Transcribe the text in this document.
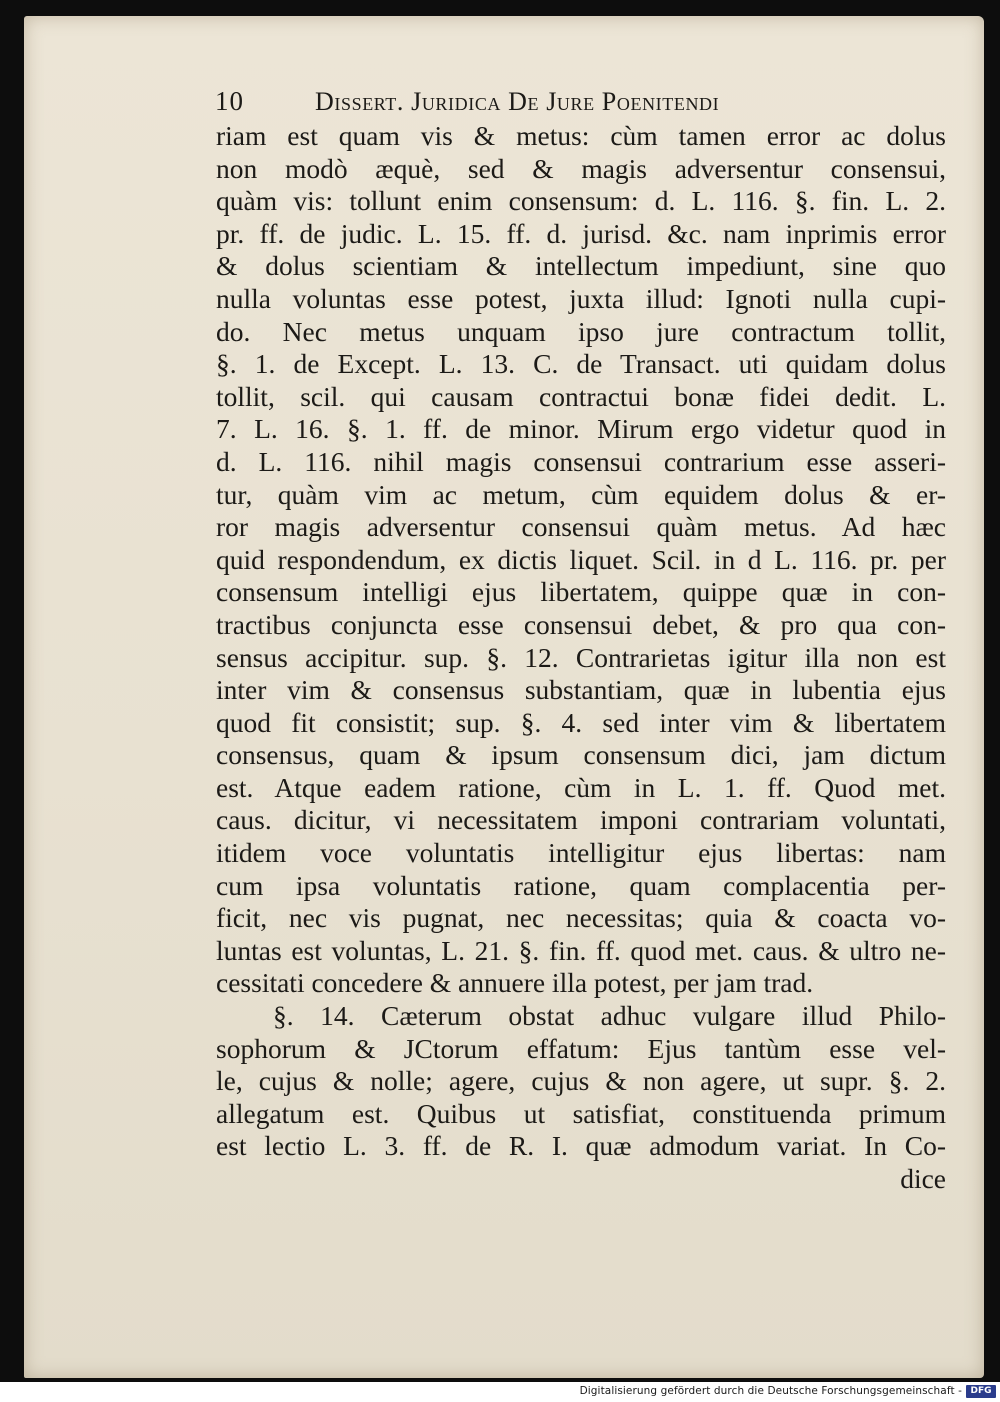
10	Dissert. Juridica De Jure Poenitendi
riam est quam vis & metus: cùm tamen error ac dolus
non modò æquè, sed & magis adversentur consensui,
quàm vis: tollunt enim consensum: d. L. 116. §. fin. L. 2.
pr. ff. de judic. L. 15. ff. d. jurisd. &c. nam inprimis error
& dolus scientiam & intellectum impediunt, sine quo
nulla voluntas esse potest, juxta illud: Ignoti nulla cupi-
do. Nec metus unquam ipso jure contractum tollit,
§. 1. de Except. L. 13. C. de Transact. uti quidam dolus
tollit, scil. qui causam contractui bonæ fidei dedit. L.
7. L. 16. §. 1. ff. de minor. Mirum ergo videtur quod in
d. L. 116. nihil magis consensui contrarium esse asseri-
tur, quàm vim ac metum, cùm equidem dolus & er-
ror magis adversentur consensui quàm metus. Ad hæc
quid respondendum, ex dictis liquet. Scil. in d L. 116. pr. per
consensum intelligi ejus libertatem, quippe quæ in con-
tractibus conjuncta esse consensui debet, & pro qua con-
sensus accipitur. sup. §. 12. Contrarietas igitur illa non est
inter vim & consensus substantiam, quæ in lubentia ejus
quod fit consistit; sup. §. 4. sed inter vim & libertatem
consensus, quam & ipsum consensum dici, jam dictum
est. Atque eadem ratione, cùm in L. 1. ff. Quod met.
caus. dicitur, vi necessitatem imponi contrariam voluntati,
itidem voce voluntatis intelligitur ejus libertas: nam
cum ipsa voluntatis ratione, quam complacentia per-
ficit, nec vis pugnat, nec necessitas; quia & coacta vo-
luntas est voluntas, L. 21. §. fin. ff. quod met. caus. & ultro ne-
cessitati concedere & annuere illa potest, per jam trad.
§. 14. Cæterum obstat adhuc vulgare illud Philo-
sophorum & JCtorum effatum: Ejus tantùm esse vel-
le, cujus & nolle; agere, cujus & non agere, ut supr. §. 2.
allegatum est. Quibus ut satisfiat, constituenda primum
est lectio L. 3. ff. de R. I. quæ admodum variat. In Co-
dice
Digitalisierung gefördert durch die Deutsche Forschungsgemeinschaft - DFG
